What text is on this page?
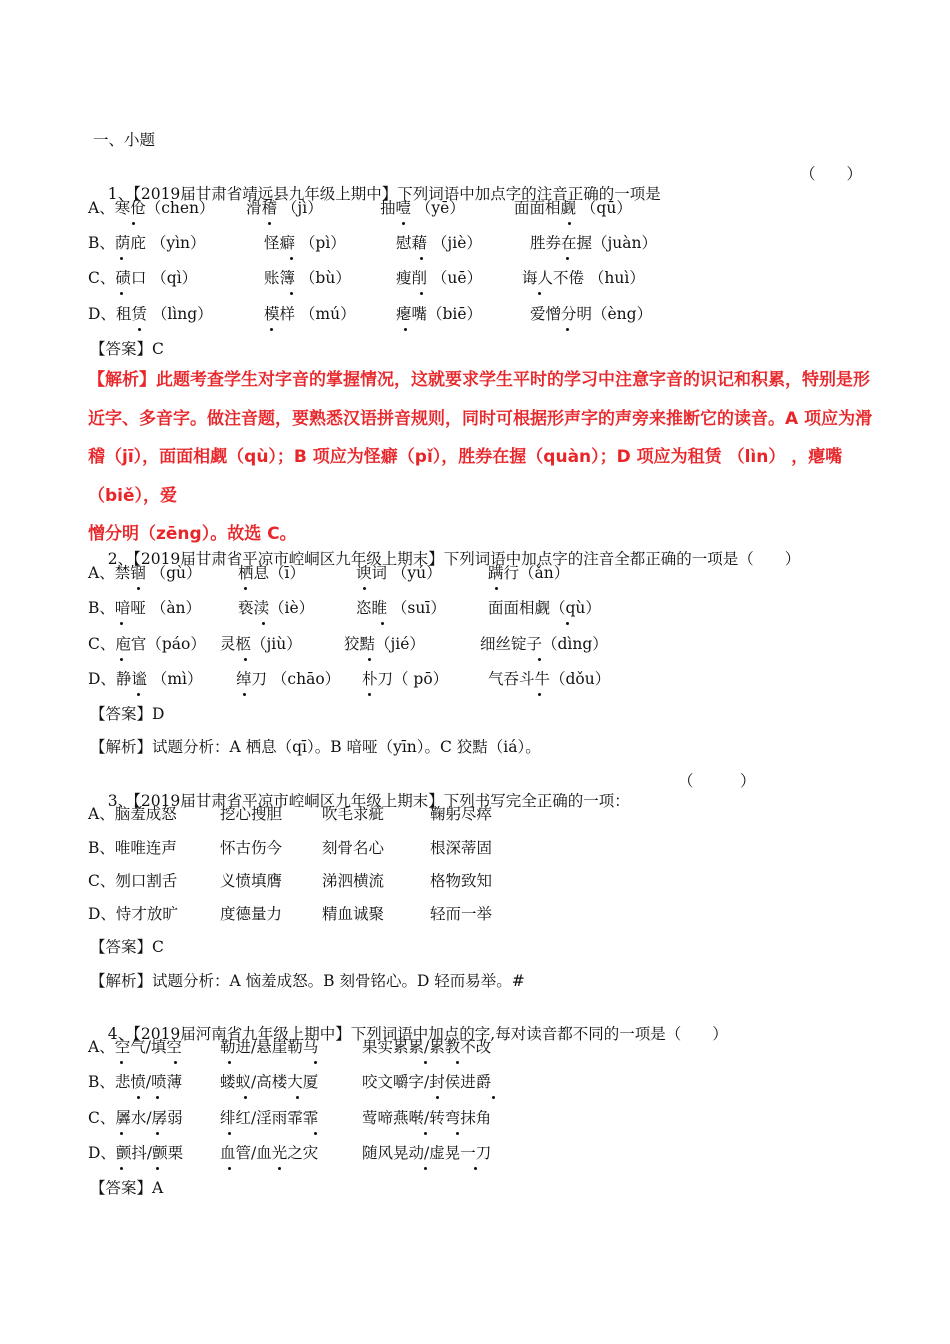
一、小题

1、【2019届甘肃省靖远县九年级上期中】下列词语中加点字的注音正确的一项是

（　　）

A、寒伧（chen）

滑稽 （jì）

	抽噎 （yē）

	面面相觑 （qū）

B、荫庇 （yìn）

	怪癖 （pì）

	慰藉 （jiè）

	胜券在握（juàn）

C、碛口 （qì）

	账簿 （bù）

	瘦削 （uē）

	诲人不倦 （huì）

D、租赁 （lìng）

	模样 （mú）

	瘪嘴（biē）

	爱憎分明（èng）

【答案】C
【解析】此题考查学生对字音的掌握情况，这就要求学生平时的学习中注意字音的识记和积累，特别是形
近字、多音字。做注音题，要熟悉汉语拼音规则，同时可根据形声字的声旁来推断它的读音。A 项应为滑
稽（jī），面面相觑（qù）；B 项应为怪癖（pǐ），胜券在握（quàn）；D 项应为租赁 （lìn） ，瘪嘴（biě），爱
憎分明（zēng）。故选 C。

2、【2019届甘肃省平凉市崆峒区九年级上期末】下列词语中加点字的注音全都正确的一项是（　　）

A、禁锢 （gù）

栖息（ī）

	谀词 （yú）

	蹒行（ǎn）

B、喑哑 （àn）

亵渎（iè）

	恣睢 （suī）

	面面相觑（qù）

C、庖官（páo）

灵柩（jiù）

	狡黠（jié）

	细丝锭子（dìng）

D、静谧 （mì）

绰刀 （chāo）

朴刀（ pō）

	气吞斗牛（dǒu）

【答案】D
【解析】试题分析：A 栖息（qī）。B 喑哑（yīn）。C 狡黠（iá）。

3、【2019届甘肃省平凉市崆峒区九年级上期末】下列书写完全正确的一项：

（　　　）

A、脑羞成怒

	挖心搜胆

	吹毛求疵

	鞠躬尽瘁

B、唯唯连声

	怀古伤今

	刻骨名心

	根深蒂固

C、刎口割舌

	义愤填膺

	涕泗横流

	格物致知

D、恃才放旷

	度德量力

	精血诚聚

	轻而一举

【答案】C
【解析】试题分析：A 恼羞成怒。B 刻骨铭心。D 轻而易举。#

4、【2019届河南省九年级上期中】下列词语中加点的字,每对读音都不同的一项是（　　）

A、空气/填空

勒进/悬崖勒马

	果实累累/累教不改

B、悲愤/喷薄

蝼蚁/高楼大厦

	咬文嚼字/封侯进爵

C、羼水/孱弱

绯红/淫雨霏霏

	莺啼燕啭/转弯抹角

D、颤抖/颤栗

血管/血光之灾

	随风晃动/虚晃一刀

【答案】A
